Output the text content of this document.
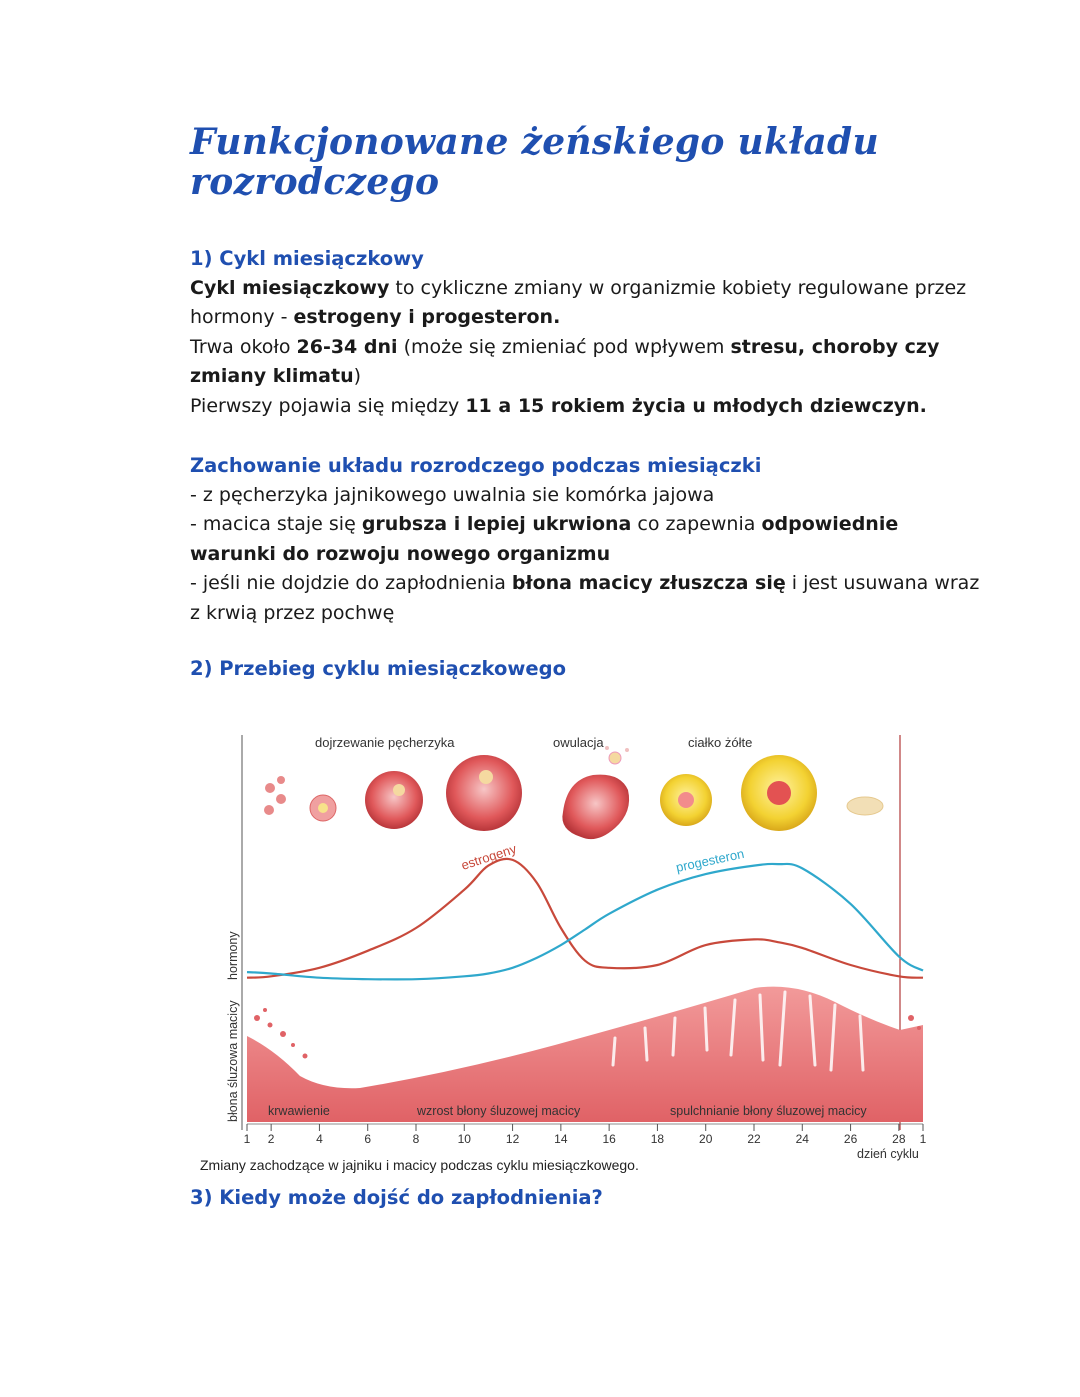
Funkcjonowane żeńskiego układu
rozrodczego

1) Cykl miesiączkowy

Cykl miesiączkowy to cykliczne zmiany w organizmie kobiety regulowane przez hormony - estrogeny i progesteron.

Trwa około 26-34 dni (może się zmieniać pod wpływem stresu, choroby czy zmiany klimatu)

Pierwszy pojawia się między 11 a 15 rokiem życia u młodych dziewczyn.

Zachowanie układu rozrodczego podczas miesiączki

- z pęcherzyka jajnikowego uwalnia sie komórka jajowa

- macica staje się grubsza i lepiej ukrwiona co zapewnia odpowiednie warunki do rozwoju nowego organizmu

- jeśli nie dojdzie do zapłodnienia błona macicy złuszcza się i jest usuwana wraz z krwią przez pochwę

2) Przebieg cyklu miesiączkowego
dojrzewanie pęcherzyka	owulacja	ciałko żółte
estrogeny	progesteron
krwawienie	wzrost błony śluzowej macicy	spulchnianie błony śluzowej macicy
hormony
błona śluzowa macicy
1 2	4	6	8	10	12	14	16	18	20	22	24	26	28 1
dzień cyklu
Zmiany zachodzące w jajniku i macicy podczas cyklu miesiączkowego.
3) Kiedy może dojść do zapłodnienia?
